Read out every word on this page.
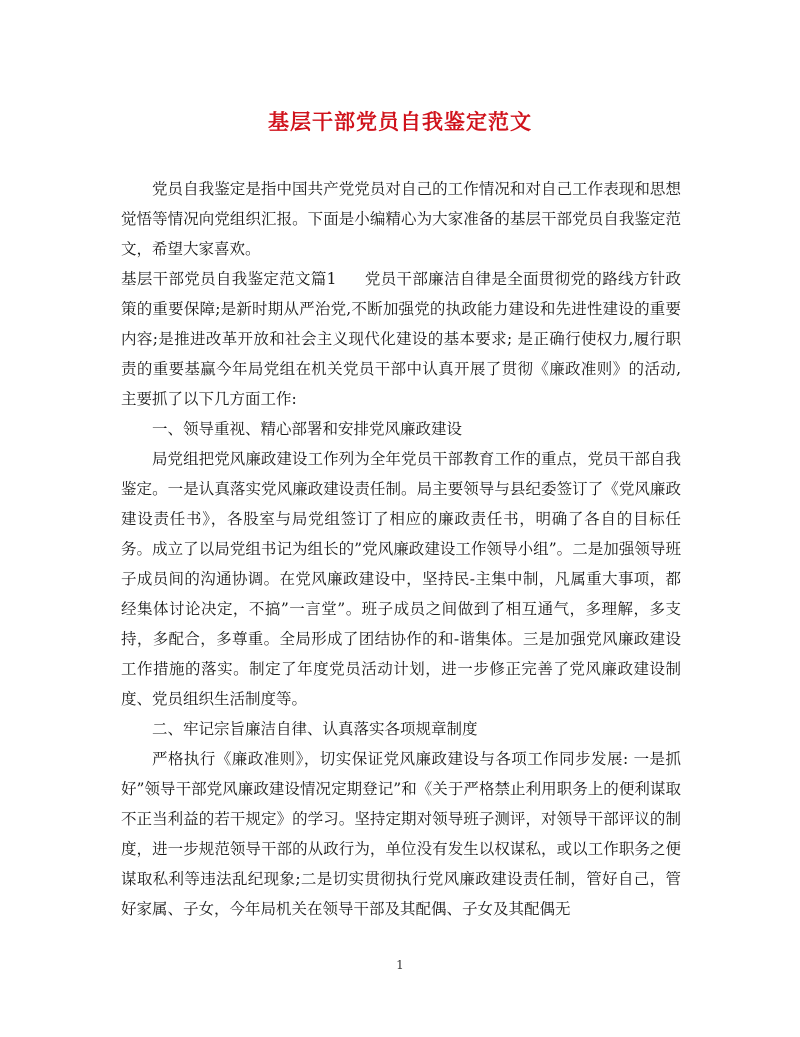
基层干部党员自我鉴定范文

党员自我鉴定是指中国共产党党员对自己的工作情况和对自己工作表现和思想觉悟等情况向党组织汇报。下面是小编精心为大家准备的基层干部党员自我鉴定范文，希望大家喜欢。

基层干部党员自我鉴定范文篇1 党员干部廉洁自律是全面贯彻党的路线方针政策的重要保障;是新时期从严治党,不断加强党的执政能力建设和先进性建设的重要内容;是推进改革开放和社会主义现代化建设的基本要求; 是正确行使权力,履行职责的重要基赢今年局党组在机关党员干部中认真开展了贯彻《廉政准则》的活动,主要抓了以下几方面工作:

一、领导重视、精心部署和安排党风廉政建设

局党组把党风廉政建设工作列为全年党员干部教育工作的重点，党员干部自我鉴定。一是认真落实党风廉政建设责任制。局主要领导与县纪委签订了《党风廉政建设责任书》，各股室与局党组签订了相应的廉政责任书，明确了各自的目标任务。成立了以局党组书记为组长的”党风廉政建设工作领导小组”。二是加强领导班子成员间的沟通协调。在党风廉政建设中，坚持民-主集中制，凡属重大事项，都经集体讨论决定，不搞”一言堂”。班子成员之间做到了相互通气，多理解，多支持，多配合，多尊重。全局形成了团结协作的和-谐集体。三是加强党风廉政建设工作措施的落实。制定了年度党员活动计划，进一步修正完善了党风廉政建设制度、党员组织生活制度等。

二、牢记宗旨廉洁自律、认真落实各项规章制度

严格执行《廉政准则》，切实保证党风廉政建设与各项工作同步发展: 一是抓好”领导干部党风廉政建设情况定期登记”和《关于严格禁止利用职务上的便利谋取不正当利益的若干规定》的学习。坚持定期对领导班子测评，对领导干部评议的制度，进一步规范领导干部的从政行为，单位没有发生以权谋私，或以工作职务之便谋取私利等违法乱纪现象;二是切实贯彻执行党风廉政建设责任制，管好自己，管好家属、子女，今年局机关在领导干部及其配偶、子女及其配偶无

1
